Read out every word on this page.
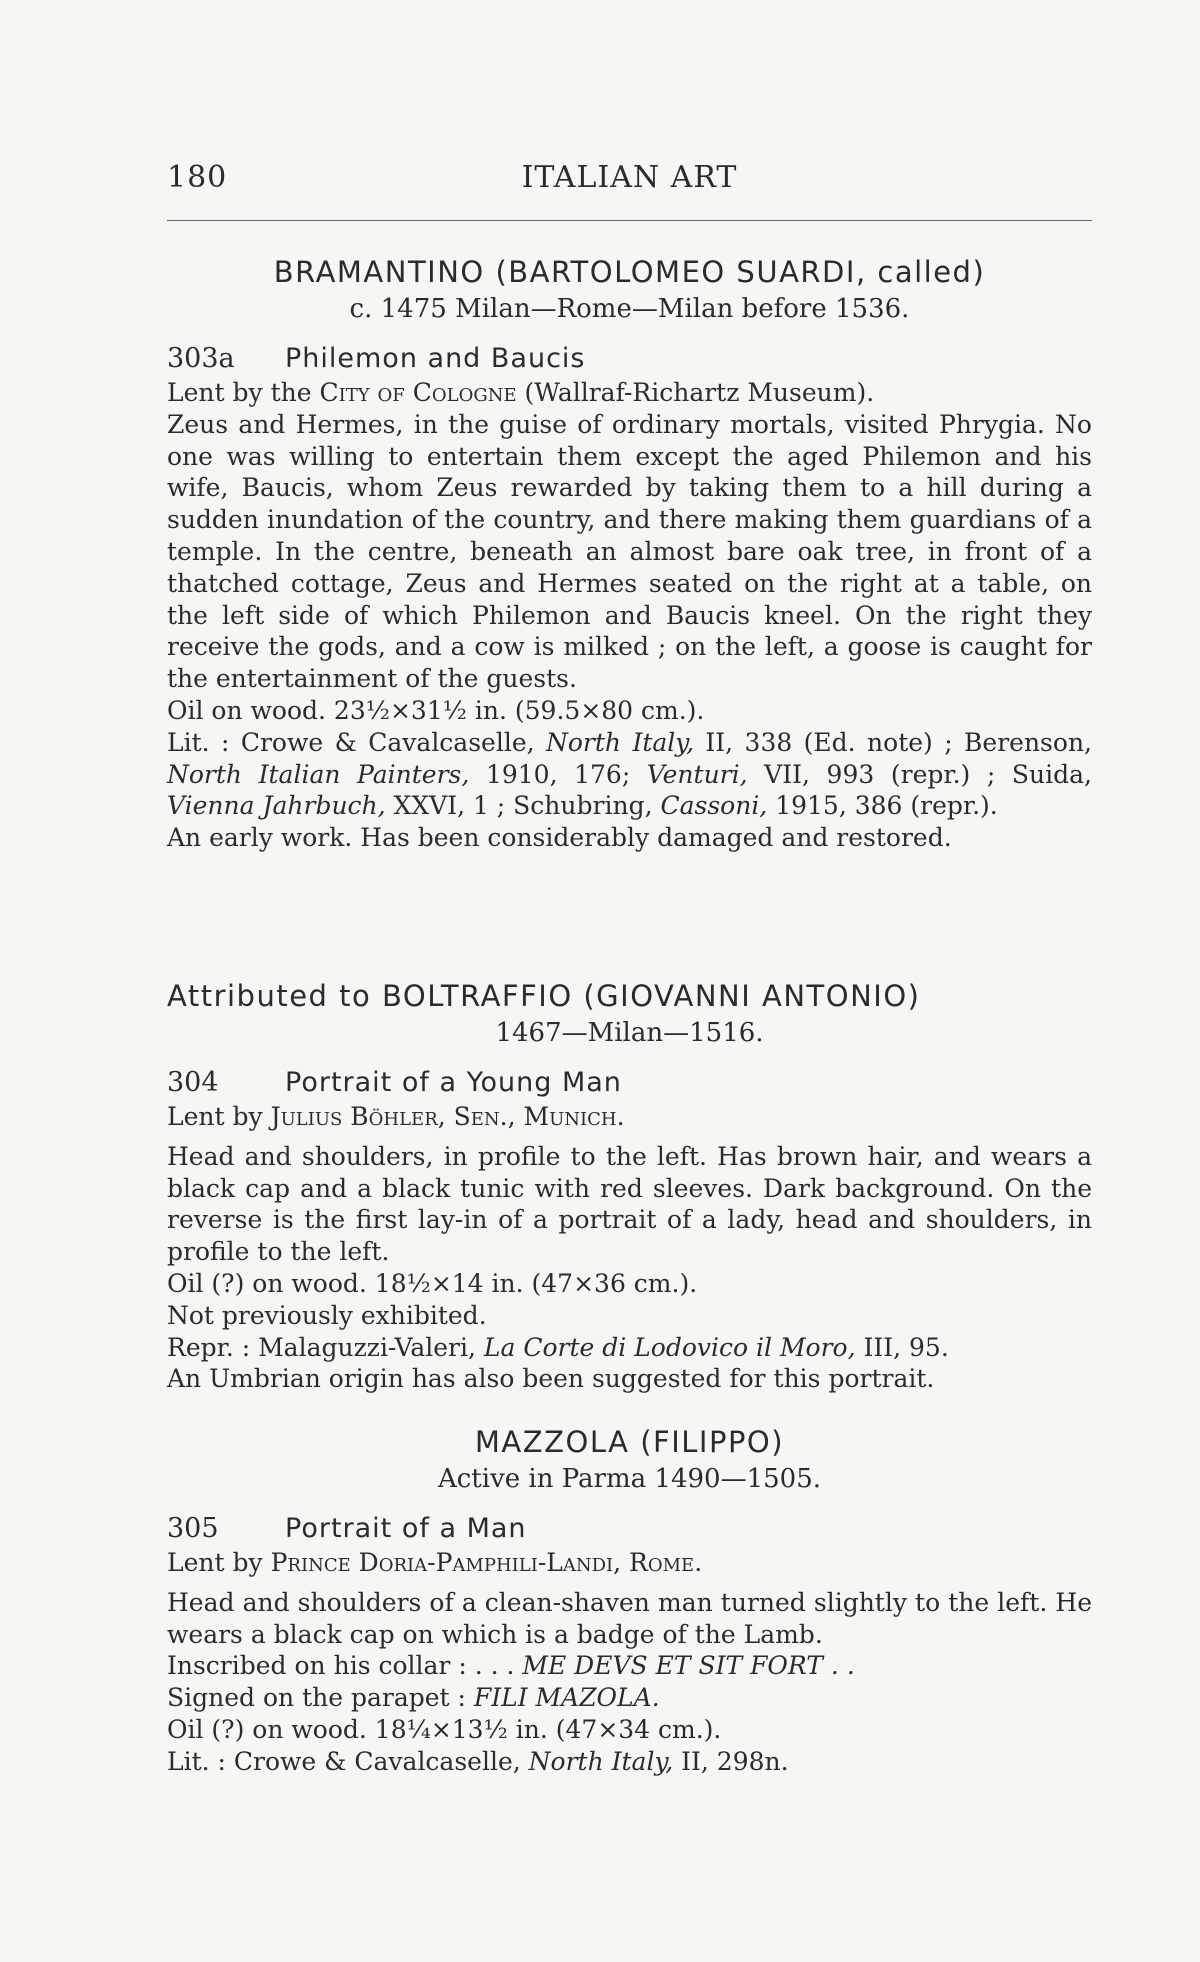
180	ITALIAN ART
BRAMANTINO (BARTOLOMEO SUARDI, called)
c. 1475 Milan—Rome—Milan before 1536.
303a Philemon and Baucis

Lent by the City of Cologne (Wallraf-Richartz Museum).

Zeus and Hermes, in the guise of ordinary mortals, visited Phrygia. No one was willing to entertain them except the aged Philemon and his wife, Baucis, whom Zeus rewarded by taking them to a hill during a sudden inundation of the country, and there making them guardians of a temple. In the centre, beneath an almost bare oak tree, in front of a thatched cottage, Zeus and Hermes seated on the right at a table, on the left side of which Philemon and Baucis kneel. On the right they receive the gods, and a cow is milked ; on the left, a goose is caught for the entertainment of the guests.

Oil on wood. 23½×31½ in. (59.5×80 cm.).

Lit. : Crowe & Cavalcaselle, North Italy, II, 338 (Ed. note) ; Berenson, North Italian Painters, 1910, 176; Venturi, VII, 993 (repr.) ; Suida, Vienna Jahrbuch, XXVI, 1 ; Schubring, Cassoni, 1915, 386 (repr.).

An early work. Has been considerably damaged and restored.

Attributed to BOLTRAFFIO (GIOVANNI ANTONIO)
1467—Milan—1516.
304 Portrait of a Young Man

Lent by Julius Böhler, Sen., Munich.

Head and shoulders, in profile to the left. Has brown hair, and wears a black cap and a black tunic with red sleeves. Dark background. On the reverse is the first lay-in of a portrait of a lady, head and shoulders, in profile to the left.

Oil (?) on wood. 18½×14 in. (47×36 cm.).

Not previously exhibited.

Repr. : Malaguzzi-Valeri, La Corte di Lodovico il Moro, III, 95.

An Umbrian origin has also been suggested for this portrait.

MAZZOLA (FILIPPO)
Active in Parma 1490—1505.
305 Portrait of a Man

Lent by Prince Doria-Pamphili-Landi, Rome.

Head and shoulders of a clean-shaven man turned slightly to the left. He wears a black cap on which is a badge of the Lamb.

Inscribed on his collar : . . . ME DEVS ET SIT FORT . .

Signed on the parapet : FILI MAZOLA.

Oil (?) on wood. 18¼×13½ in. (47×34 cm.).

Lit. : Crowe & Cavalcaselle, North Italy, II, 298n.
